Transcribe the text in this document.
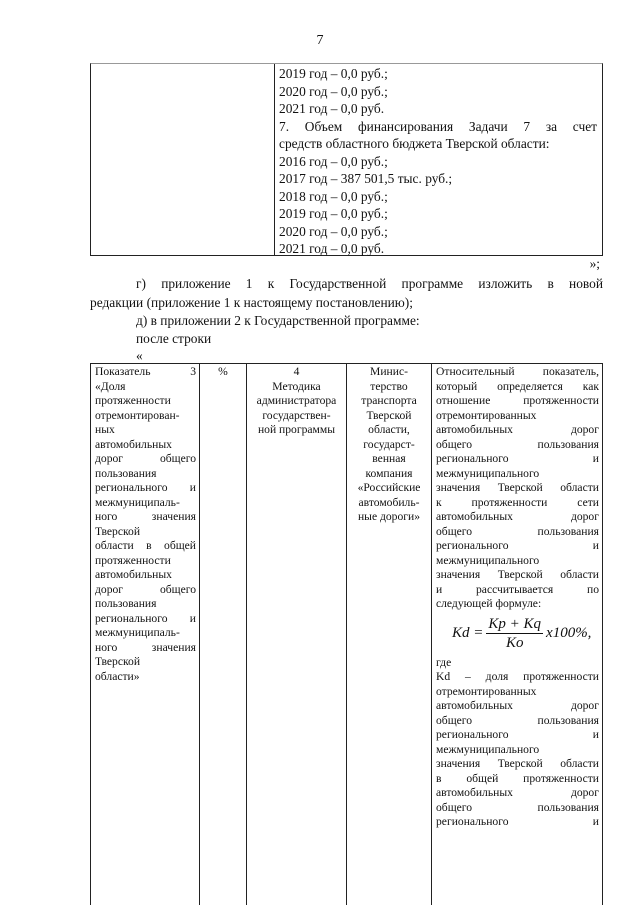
7
2019 год – 0,0 руб.;
2020 год – 0,0 руб.;
2021 год – 0,0 руб.
7. Объем финансирования Задачи 7 за счет
средств областного бюджета Тверской области:
2016 год – 0,0 руб.;
2017 год – 387 501,5 тыс. руб.;
2018 год – 0,0 руб.;
2019 год – 0,0 руб.;
2020 год – 0,0 руб.;
2021 год – 0,0 руб.
»;
г) приложение 1 к Государственной программе изложить в новой
редакции (приложение 1 к настоящему постановлению);
д) в приложении 2 к Государственной программе:
после строки
«
Показатель	3
«Доля
протяженности
отремонтирован-
ных
автомобильных
дорог общего
пользования
регионального и
межмуниципаль-
ного значения
Тверской
области в общей
протяженности
автомобильных
дорог общего
пользования
регионального и
межмуниципаль-
ного значения
Тверской
области»
%	4
Методика
администратора
государствен-
ной программы
Минис-
терство
транспорта
Тверской
области,
государст-
венная
компания
«Российские
автомобиль-
ные дороги»
Относительный показатель,
который определяется как
отношение протяженности
отремонтированных
автомобильных дорог
общего пользования
регионального и
межмуниципального
значения Тверской области
к протяженности сети
автомобильных дорог
общего пользования
регионального и
межмуниципального
значения Тверской области
и рассчитывается по
следующей формуле:
$Kd = \frac{Kp + Kq}{Ko} x100\%$,
где
Kd – доля протяженности
отремонтированных
автомобильных дорог
общего пользования
регионального и
межмуниципального
значения Тверской области
в общей протяженности
автомобильных дорог
общего пользования
регионального и
